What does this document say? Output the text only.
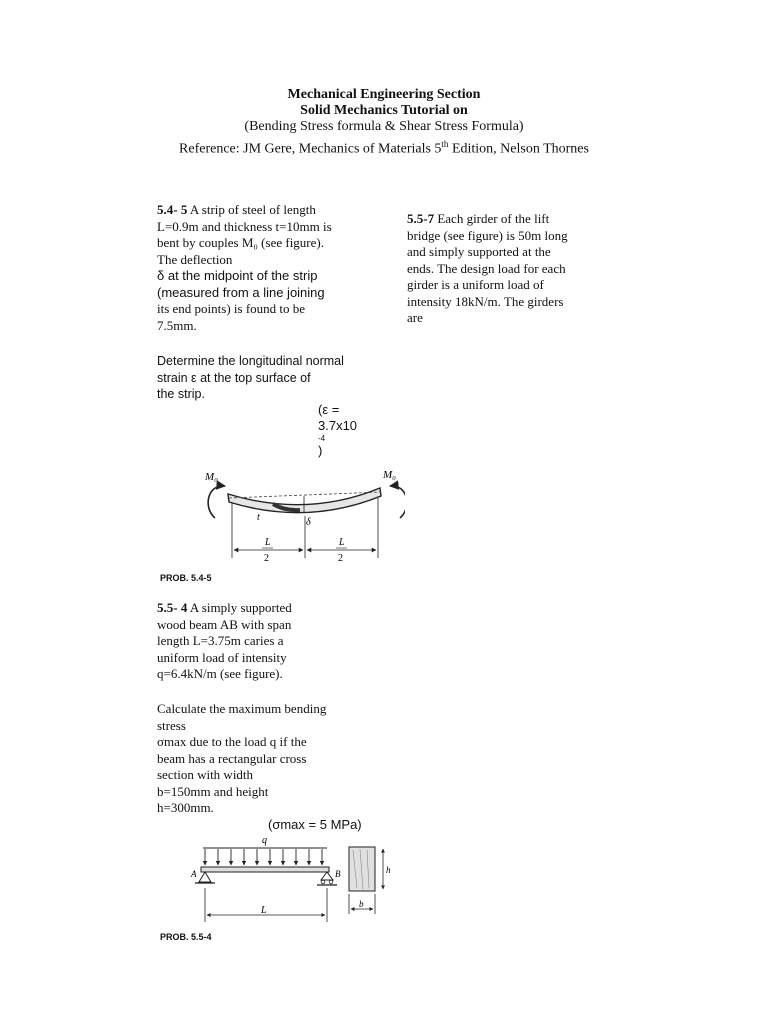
Mechanical Engineering Section
Solid Mechanics Tutorial on
(Bending Stress formula & Shear Stress Formula)
Reference: JM Gere, Mechanics of Materials 5th Edition, Nelson Thornes
5.4- 5 A strip of steel of length
L=0.9m and thickness t=10mm is
bent by couples M₀ (see figure).
The deflection
δ at the midpoint of the strip
(measured from a line joining
its end points) is found to be
7.5mm.
Determine the longitudinal normal
strain ε at the top surface of
the strip.
(ε =
3.7x10
-4
)
M₀	M₀
δ
t
L
2
L
2
PROB. 5.4-5
5.5- 4 A simply supported
wood beam AB with span
length L=3.75m caries a
uniform load of intensity
q=6.4kN/m (see figure).
Calculate the maximum bending
stress
σmax due to the load q if the
beam has a rectangular cross
section with width
b=150mm and height
h=300mm.
(σmax = 5 MPa)
q
A	B
L
h
b
PROB. 5.5-4
5.5-7 Each girder of the lift
bridge (see figure) is 50m long
and simply supported at the
ends. The design load for each
girder is a uniform load of
intensity 18kN/m. The girders
are
